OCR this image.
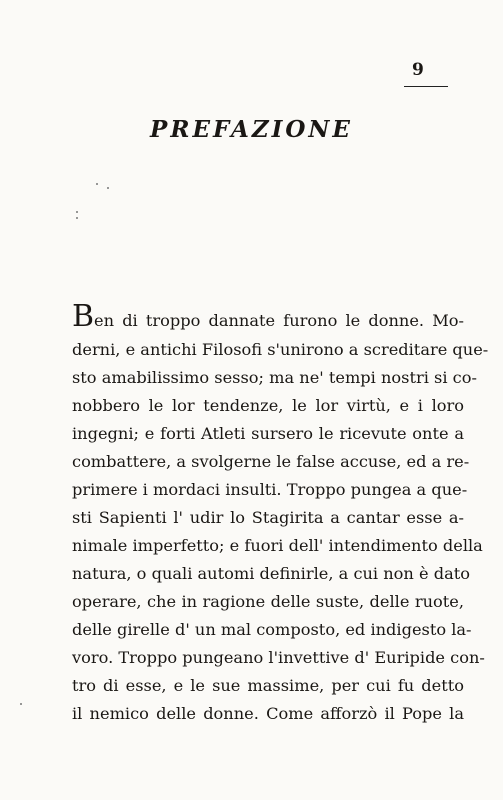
9
PREFAZIONE
Ben di troppo dannate furono le donne. Mo-
derni, e antichi Filosofi s'unirono a screditare que-
sto amabilissimo sesso; ma ne' tempi nostri si co-
nobbero le lor tendenze, le lor virtù, e i loro
ingegni; e forti Atleti sursero le ricevute onte a
combattere, a svolgerne le false accuse, ed a re-
primere i mordaci insulti. Troppo pungea a que-
sti Sapienti l' udir lo Stagirita a cantar esse a-
nimale imperfetto; e fuori dell' intendimento della
natura, o quali automi definirle, a cui non è dato
operare, che in ragione delle suste, delle ruote,
delle girelle d' un mal composto, ed indigesto la-
voro. Troppo pungeano l'invettive d' Euripide con-
tro di esse, e le sue massime, per cui fu detto
il nemico delle donne. Come afforzò il Pope la
